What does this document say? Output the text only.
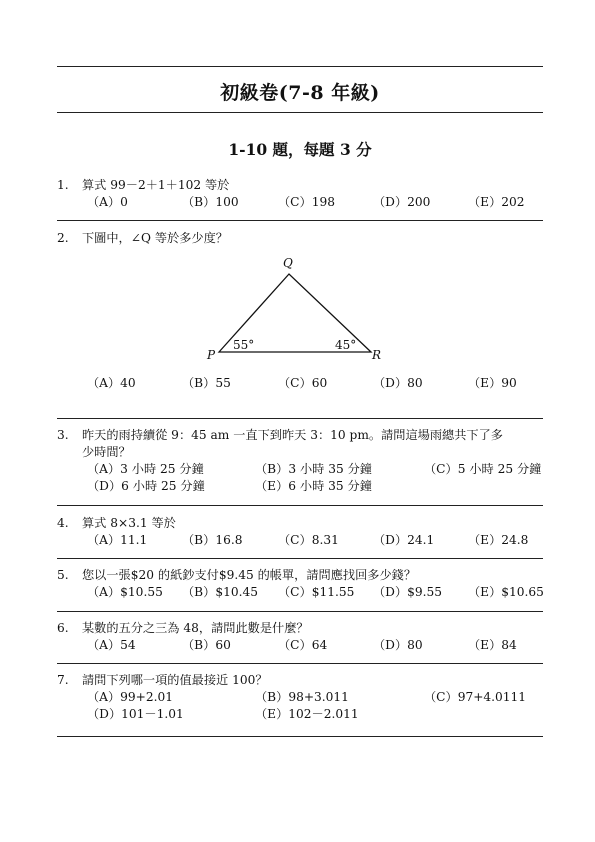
初級卷(7-8 年級)
1-10 題，每題 3 分
1. 算式 99－2＋1＋102 等於
（A）0	（B）100	（C）198	（D）200	（E）202
2. 下圖中，∠Q 等於多少度？
Q
P	R
55°	45°
（A）40	（B）55	（C）60	（D）80	（E）90
3. 昨天的雨持續從 9：45 am 一直下到昨天 3：10 pm。請問這場雨總共下了多
少時間？
（A）3 小時 25 分鐘	（B）3 小時 35 分鐘	（C）5 小時 25 分鐘
（D）6 小時 25 分鐘	（E）6 小時 35 分鐘
4. 算式 8×3.1 等於
（A）11.1	（B）16.8	（C）8.31	（D）24.1	（E）24.8
5. 您以一張$20 的紙鈔支付$9.45 的帳單，請問應找回多少錢？
（A）$10.55 （B）$10.45 （C）$11.55 （D）$9.55 （E）$10.65
6. 某數的五分之三為 48，請問此數是什麼？
（A）54	（B）60	（C）64	（D）80	（E）84
7. 請問下列哪一項的值最接近 100？
（A）99+2.01	（B）98+3.011	（C）97+4.0111
（D）101－1.01	（E）102－2.011
